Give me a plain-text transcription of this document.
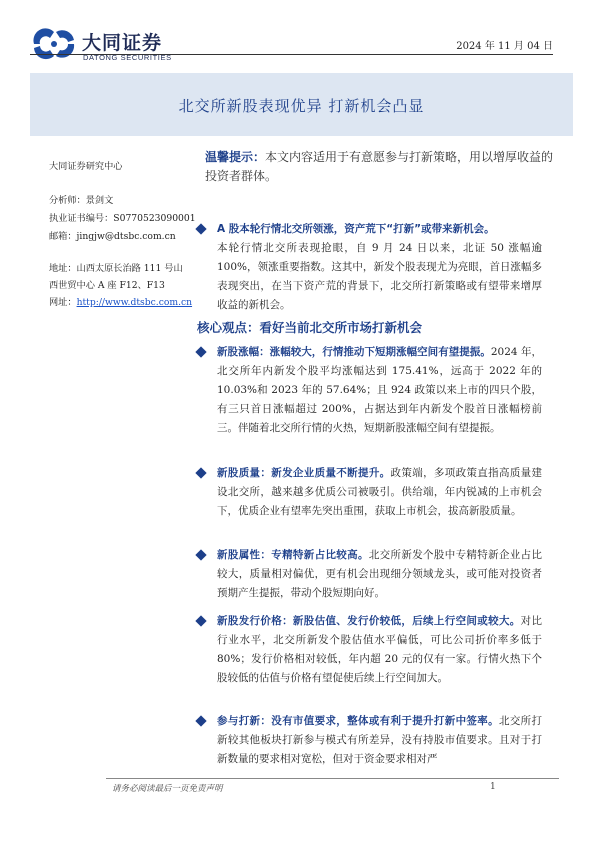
大同证券
DATONG SECURITIES
2024 年 11 月 04 日
北交所新股表现优异 打新机会凸显
大同证券研究中心
分析师：景剑文
执业证书编号：S0770523090001
邮箱：jingjw@dtsbc.com.cn
地址：山西太原长治路 111 号山西世贸中心 A 座 F12、F13
网址：http://www.dtsbc.com.cn
温馨提示：本文内容适用于有意愿参与打新策略，用以增厚收益的投资者群体。
A 股本轮行情北交所领涨，资产荒下“打新”或带来新机会。
本轮行情北交所表现抢眼，自 9 月 24 日以来，北证 50 涨幅逾 100%，领涨重要指数。这其中，新发个股表现尤为亮眼，首日涨幅多表现突出，在当下资产荒的背景下，北交所打新策略或有望带来增厚收益的新机会。
核心观点：看好当前北交所市场打新机会
新股涨幅：涨幅较大，行情推动下短期涨幅空间有望提振。2024 年，北交所年内新发个股平均涨幅达到 175.41%，远高于 2022 年的 10.03%和 2023 年的 57.64%；且 924 政策以来上市的四只个股，有三只首日涨幅超过 200%，占据达到年内新发个股首日涨幅榜前三。伴随着北交所行情的火热，短期新股涨幅空间有望提振。
新股质量：新发企业质量不断提升。政策端，多项政策直指高质量建设北交所，越来越多优质公司被吸引。供给端，年内锐减的上市机会下，优质企业有望率先突出重围，获取上市机会，拔高新股质量。
新股属性：专精特新占比较高。北交所新发个股中专精特新企业占比较大，质量相对偏优，更有机会出现细分领域龙头，或可能对投资者预期产生提振，带动个股短期向好。
新股发行价格：新股估值、发行价较低，后续上行空间或较大。对比行业水平，北交所新发个股估值水平偏低，可比公司折价率多低于 80%；发行价格相对较低，年内超 20 元的仅有一家。行情火热下个股较低的估值与价格有望促使后续上行空间加大。
参与打新：没有市值要求，整体或有利于提升打新中签率。北交所打新较其他板块打新参与模式有所差异，没有持股市值要求。且对于打新数量的要求相对宽松，但对于资金要求相对严
请务必阅读最后一页免责声明	1
